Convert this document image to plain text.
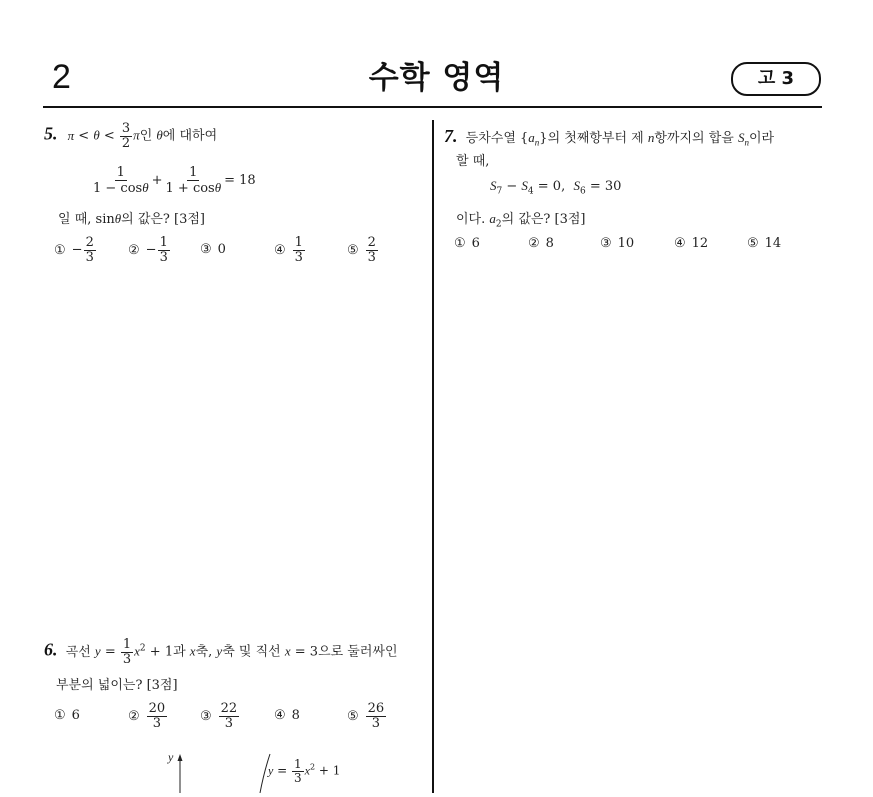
2	수학 영역	고 3
5. $\pi < \theta < \frac{3}{2}$ π인 θ에 대하여
$\frac{1}{1 - \cos\theta} + \frac{1}{1 + \cos\theta} = 18$
일 때, sinθ의 값은? [3점]
① − $\frac{2}{3}$ ② − $\frac{1}{3}$ ③ 0	④ $\frac{1}{3}$	⑤ $\frac{2}{3}$
6. 곡선 $y = \frac{1}{3} x^2 + 1$과 x축, y축 및 직선 x = 3으로 둘러싸인
부분의 넓이는? [3점]
① 6	② $\frac{20}{3}$	③ $\frac{22}{3}$	④ 8	⑤ $\frac{26}{3}$
y
$y = \frac{1}{3} x^2 + 1$
7. 등차수열 $\{a_n\}$의 첫째항부터 제 n항까지의 합을 $S_n$이라
할 때,
$S_7 - S_4 = 0$,  $S_6 = 30$
이다. $a_2$의 값은? [3점]
① 6	② 8	③ 10	④ 12	⑤ 14
